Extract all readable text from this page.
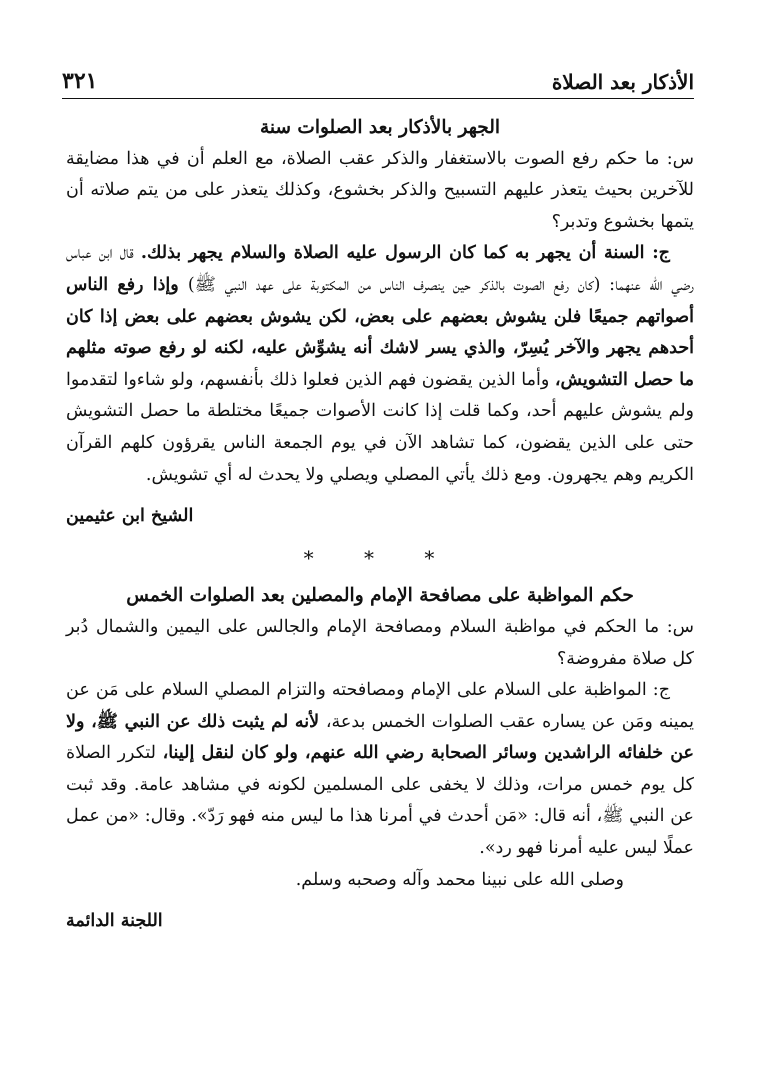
الأذكار بعد الصلاة
٣٢١

الجهر بالأذكار بعد الصلوات سنة

س: ما حكم رفع الصوت بالاستغفار والذكر عقب الصلاة، مع العلم أن في هذا مضايقة للآخرين بحيث يتعذر عليهم التسبيح والذكر بخشوع، وكذلك يتعذر على من يتم صلاته أن يتمها بخشوع وتدبر؟

ج: السنة أن يجهر به كما كان الرسول عليه الصلاة والسلام يجهر بذلك. قال ابن عباس رضي الله عنهما: (كان رفع الصوت بالذكر حين ينصرف الناس من المكتوبة على عهد النبي ﷺ) وإذا رفع الناس أصواتهم جميعًا فلن يشوش بعضهم على بعض، لكن يشوش بعضهم على بعض إذا كان أحدهم يجهر والآخر يُسِرّ، والذي يسر لاشك أنه يشوِّش عليه، لكنه لو رفع صوته مثلهم ما حصل التشويش، وأما الذين يقضون فهم الذين فعلوا ذلك بأنفسهم، ولو شاءوا لتقدموا ولم يشوش عليهم أحد، وكما قلت إذا كانت الأصوات جميعًا مختلطة ما حصل التشويش حتى على الذين يقضون، كما تشاهد الآن في يوم الجمعة الناس يقرؤون كلهم القرآن الكريم وهم يجهرون. ومع ذلك يأتي المصلي ويصلي ولا يحدث له أي تشويش.

الشيخ ابن عثيمين

* * *

حكم المواظبة على مصافحة الإمام والمصلين بعد الصلوات الخمس

س: ما الحكم في مواظبة السلام ومصافحة الإمام والجالس على اليمين والشمال دُبر كل صلاة مفروضة؟

ج: المواظبة على السلام على الإمام ومصافحته والتزام المصلي السلام على مَن عن يمينه ومَن عن يساره عقب الصلوات الخمس بدعة، لأنه لم يثبت ذلك عن النبي ﷺ، ولا عن خلفائه الراشدين وسائر الصحابة رضي الله عنهم، ولو كان لنقل إلينا، لتكرر الصلاة كل يوم خمس مرات، وذلك لا يخفى على المسلمين لكونه في مشاهد عامة. وقد ثبت عن النبي ﷺ، أنه قال: «مَن أحدث في أمرنا هذا ما ليس منه فهو رَدّ». وقال: «من عمل عملًا ليس عليه أمرنا فهو رد».

وصلى الله على نبينا محمد وآله وصحبه وسلم.

اللجنة الدائمة
